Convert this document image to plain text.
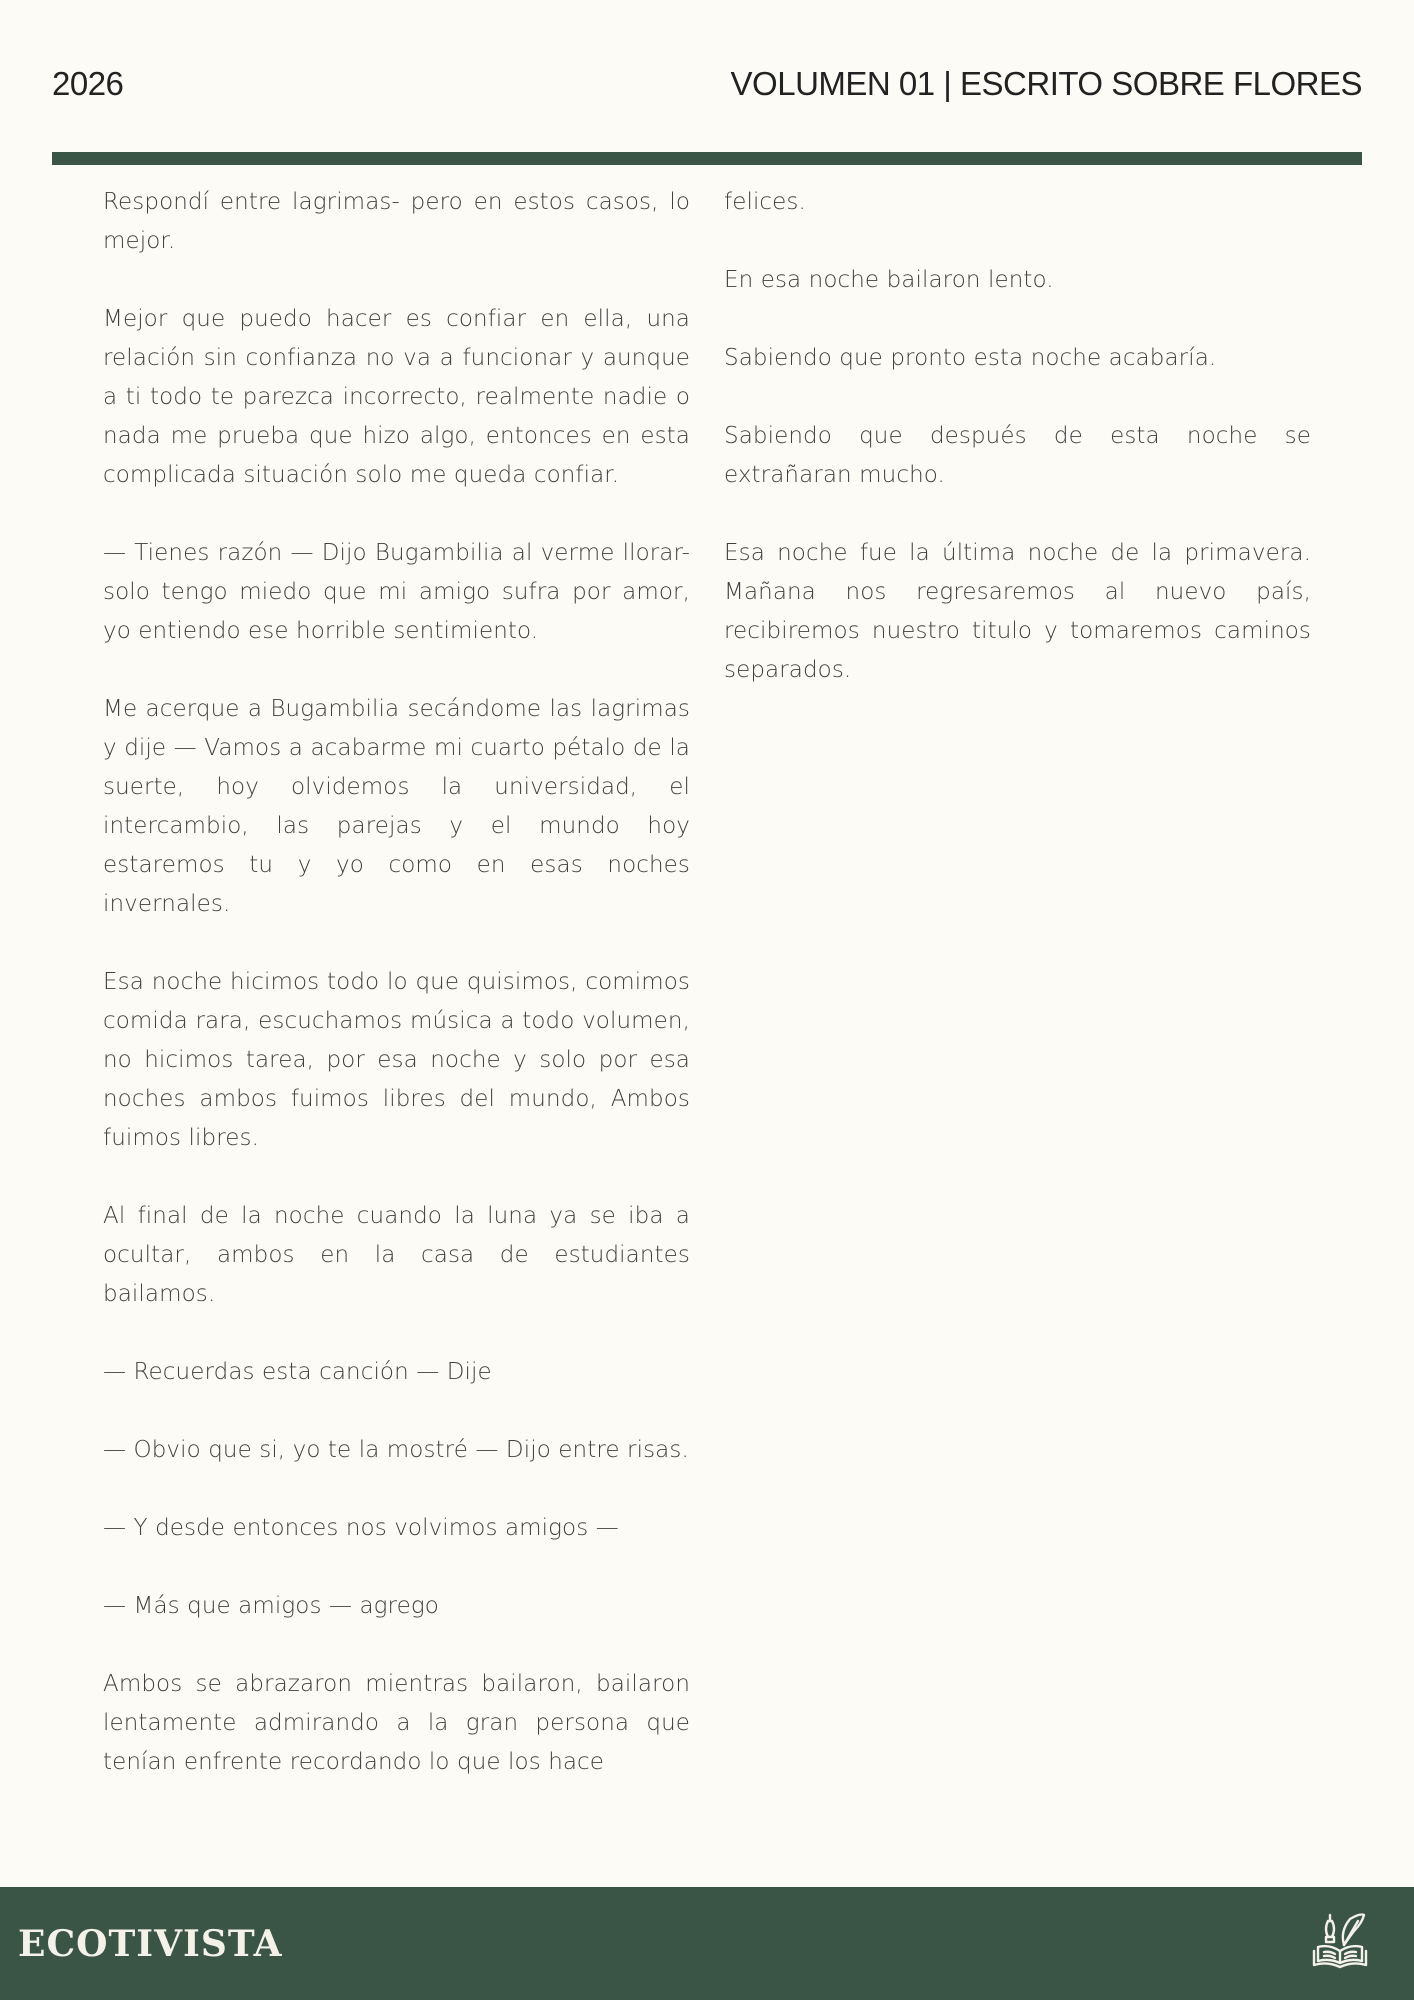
2026	VOLUMEN 01 | ESCRITO SOBRE FLORES

Respondí entre lagrimas- pero en estos casos, lo mejor.

Mejor que puedo hacer es confiar en ella, una relación sin confianza no va a funcionar y aunque a ti todo te parezca incorrecto, realmente nadie o nada me prueba que hizo algo, entonces en esta complicada situación solo me queda confiar.

— Tienes razón — Dijo Bugambilia al verme llorar- solo tengo miedo que mi amigo sufra por amor, yo entiendo ese horrible sentimiento.

Me acerque a Bugambilia secándome las lagrimas y dije — Vamos a acabarme mi cuarto pétalo de la suerte, hoy olvidemos la universidad, el intercambio, las parejas y el mundo hoy estaremos tu y yo como en esas noches invernales.

Esa noche hicimos todo lo que quisimos, comimos comida rara, escuchamos música a todo volumen, no hicimos tarea, por esa noche y solo por esa noches ambos fuimos libres del mundo, Ambos fuimos libres.

Al final de la noche cuando la luna ya se iba a ocultar, ambos en la casa de estudiantes bailamos.

— Recuerdas esta canción — Dije

— Obvio que si, yo te la mostré — Dijo entre risas.

— Y desde entonces nos volvimos amigos —

— Más que amigos — agrego

Ambos se abrazaron mientras bailaron, bailaron lentamente admirando a la gran persona que tenían enfrente recordando lo que los hace

felices.

En esa noche bailaron lento.

Sabiendo que pronto esta noche acabaría.

Sabiendo que después de esta noche se extrañaran mucho.

Esa noche fue la última noche de la primavera. Mañana nos regresaremos al nuevo país, recibiremos nuestro titulo y tomaremos caminos separados.

ECOTIVISTA
